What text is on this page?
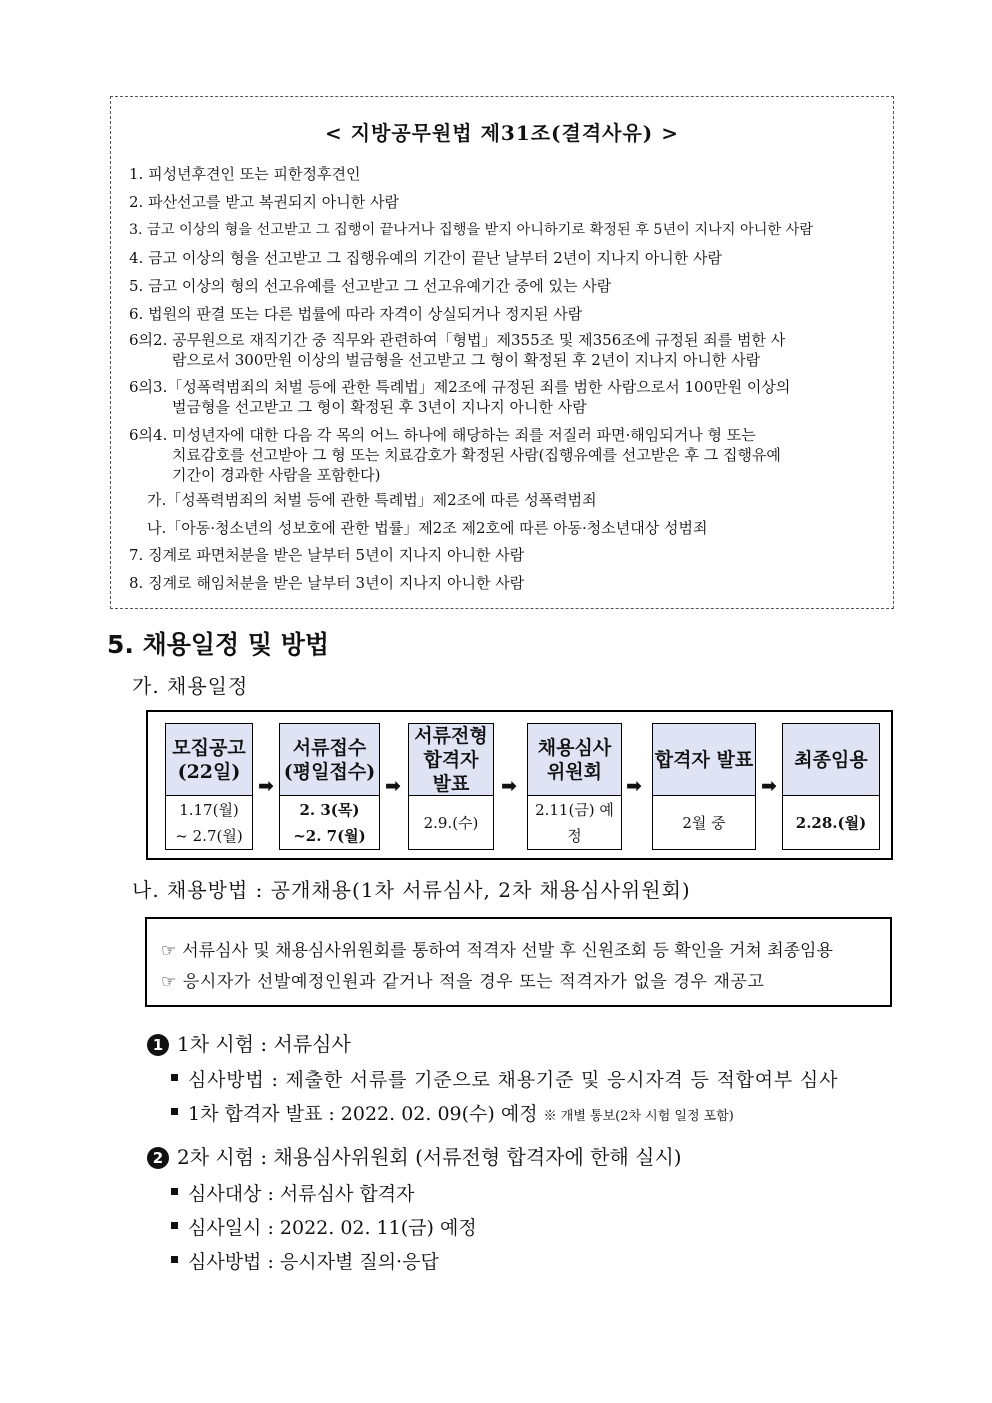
< 지방공무원법 제31조(결격사유) >
1. 피성년후견인 또는 피한정후견인
2. 파산선고를 받고 복권되지 아니한 사람
3. 금고 이상의 형을 선고받고 그 집행이 끝나거나 집행을 받지 아니하기로 확정된 후 5년이 지나지 아니한 사람
4. 금고 이상의 형을 선고받고 그 집행유예의 기간이 끝난 날부터 2년이 지나지 아니한 사람
5. 금고 이상의 형의 선고유예를 선고받고 그 선고유예기간 중에 있는 사람
6. 법원의 판결 또는 다른 법률에 따라 자격이 상실되거나 정지된 사람
6의2. 공무원으로 재직기간 중 직무와 관련하여「형법」제355조 및 제356조에 규정된 죄를 범한 사
람으로서 300만원 이상의 벌금형을 선고받고 그 형이 확정된 후 2년이 지나지 아니한 사람
6의3.「성폭력범죄의 처벌 등에 관한 특례법」제2조에 규정된 죄를 범한 사람으로서 100만원 이상의
벌금형을 선고받고 그 형이 확정된 후 3년이 지나지 아니한 사람
6의4. 미성년자에 대한 다음 각 목의 어느 하나에 해당하는 죄를 저질러 파면·해임되거나 형 또는
치료감호를 선고받아 그 형 또는 치료감호가 확정된 사람(집행유예를 선고받은 후 그 집행유예
기간이 경과한 사람을 포함한다)
가.「성폭력범죄의 처벌 등에 관한 특례법」제2조에 따른 성폭력범죄
나.「아동·청소년의 성보호에 관한 법률」제2조 제2호에 따른 아동·청소년대상 성범죄
7. 징계로 파면처분을 받은 날부터 5년이 지나지 아니한 사람
8. 징계로 해임처분을 받은 날부터 3년이 지나지 아니한 사람
5. 채용일정 및 방법
가. 채용일정
모집공고
(22일)
1.17(월)
~ 2.7(월)
➡
서류접수
(평일접수)
2. 3(목)
~2. 7(월)
➡
서류전형
합격자
발표
2.9.(수)
➡
채용심사
위원회
2.11(금) 예정
➡
합격자 발표
2월 중
➡
최종임용
2.28.(월)
나. 채용방법 : 공개채용(1차 서류심사, 2차 채용심사위원회)
☞ 서류심사 및 채용심사위원회를 통하여 적격자 선발 후 신원조회 등 확인을 거쳐 최종임용
☞ 응시자가 선발예정인원과 같거나 적을 경우 또는 적격자가 없을 경우 재공고
1 1차 시험 : 서류심사
심사방법 : 제출한 서류를 기준으로 채용기준 및 응시자격 등 적합여부 심사
1차 합격자 발표 : 2022. 02. 09(수) 예정 ※ 개별 통보(2차 시험 일정 포함)
2 2차 시험 : 채용심사위원회 (서류전형 합격자에 한해 실시)
심사대상 : 서류심사 합격자
심사일시 : 2022. 02. 11(금) 예정
심사방법 : 응시자별 질의·응답
